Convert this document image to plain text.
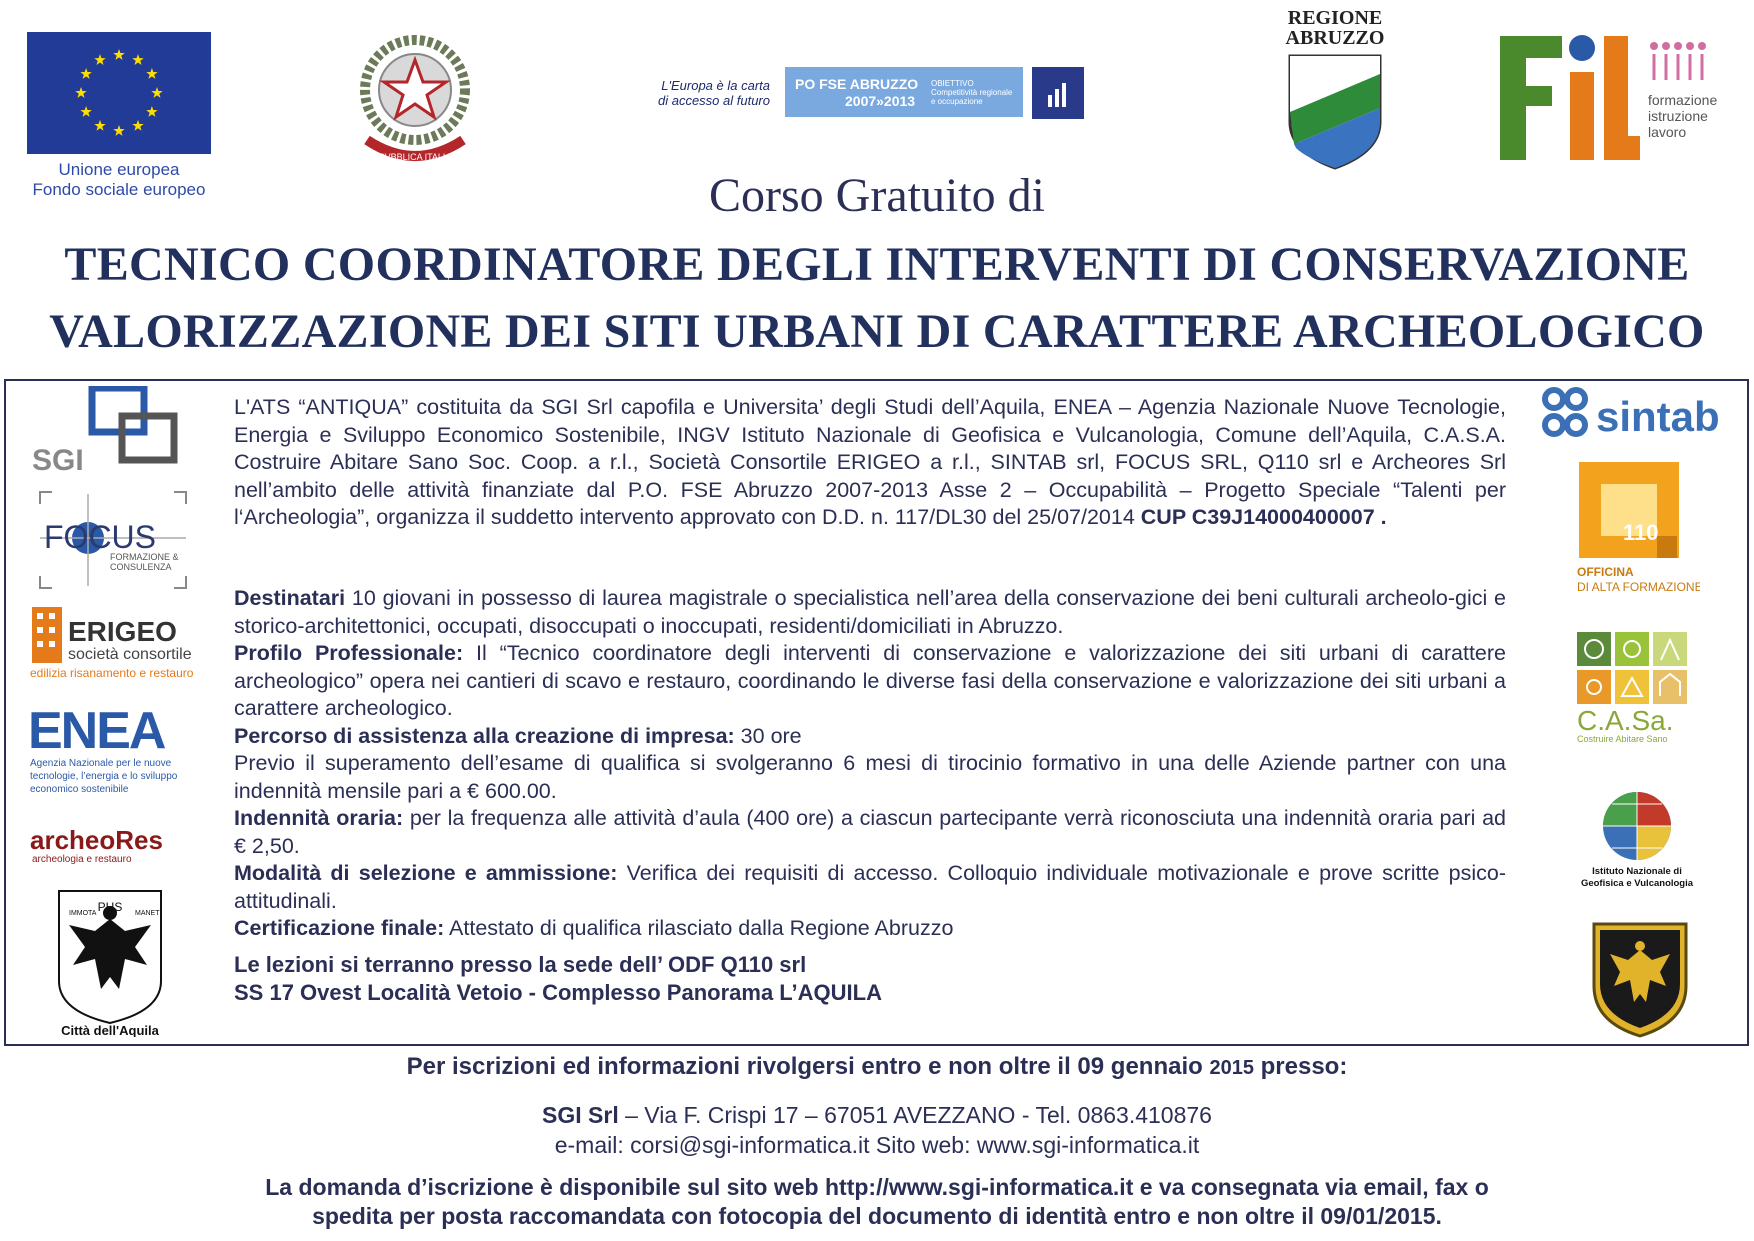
Unione europea
Fondo sociale europeo
REPVBBLICA ITALIANA
L'Europa è la carta
di accesso al futuro
PO FSE ABRUZZO
2007»2013
OBIETTIVO Competitività regionale e occupazione
REGIONE
ABRUZZO
formazione
istruzione
lavoro
Corso Gratuito di
TECNICO COORDINATORE DEGLI INTERVENTI DI CONSERVAZIONE
VALORIZZAZIONE DEI SITI URBANI DI CARATTERE ARCHEOLOGICO
L'ATS “ANTIQUA” costituita da SGI Srl capofila e Universita’ degli Studi dell’Aquila, ENEA – Agenzia Nazionale Nuove Tecnologie, Energia e Sviluppo Economico Sostenibile, INGV Istituto Nazionale di Geofisica e Vulcanologia, Comune dell’Aquila, C.A.S.A. Costruire Abitare Sano Soc. Coop. a r.l., Società Consortile ERIGEO a r.l., SINTAB srl, FOCUS SRL, Q110 srl e Archeores Srl nell’ambito delle attività finanziate dal P.O. FSE Abruzzo 2007-2013 Asse 2 – Occupabilità – Progetto Speciale “Talenti per l‘Archeologia”, organizza il suddetto intervento approvato con D.D. n. 117/DL30 del 25/07/2014 CUP C39J14000400007 .
Destinatari 10 giovani in possesso di laurea magistrale o specialistica nell’area della conservazione dei beni culturali archeolo-gici e storico-architettonici, occupati, disoccupati o inoccupati, residenti/domiciliati in Abruzzo.
Profilo Professionale: Il “Tecnico coordinatore degli interventi di conservazione e valorizzazione dei siti urbani di carattere archeologico” opera nei cantieri di scavo e restauro, coordinando le diverse fasi della conservazione e valorizzazione dei siti urbani a carattere archeologico.
Percorso di assistenza alla creazione di impresa: 30 ore
Previo il superamento dell’esame di qualifica si svolgeranno 6 mesi di tirocinio formativo in una delle Aziende partner con una indennità mensile pari a € 600.00.
Indennità oraria: per la frequenza alle attività d’aula (400 ore) a ciascun partecipante verrà riconosciuta una indennità oraria pari ad € 2,50.
Modalità di selezione e ammissione: Verifica dei requisiti di accesso. Colloquio individuale motivazionale e prove scritte psico-attitudinali.
Certificazione finale: Attestato di qualifica rilasciato dalla Regione Abruzzo
Le lezioni si terranno presso la sede dell’ ODF Q110 srl
SS 17 Ovest Località Vetoio - Complesso Panorama L’AQUILA
SGI
FOCUS
FORMAZIONE &
CONSULENZA
ERIGEO
società consortile
edilizia risanamento e restauro
ENEA
Agenzia Nazionale per le nuove
tecnologie, l’energia e lo sviluppo
economico sostenibile
archeoRes
archeologia e restauro
PHS
IMMOTA	MANET
Città dell'Aquila
sintab
110
OFFICINA
DI ALTA FORMAZIONE
C.A.Sa.
Costruire Abitare Sano
Istituto Nazionale di
Geofisica e Vulcanologia
Per iscrizioni ed informazioni rivolgersi entro e non oltre il 09 gennaio 2015 presso:
SGI Srl – Via F. Crispi 17 – 67051 AVEZZANO - Tel. 0863.410876
e-mail: corsi@sgi-informatica.it Sito web: www.sgi-informatica.it
La domanda d’iscrizione è disponibile sul sito web http://www.sgi-informatica.it e va consegnata via email, fax o
spedita per posta raccomandata con fotocopia del documento di identità entro e non oltre il 09/01/2015.
